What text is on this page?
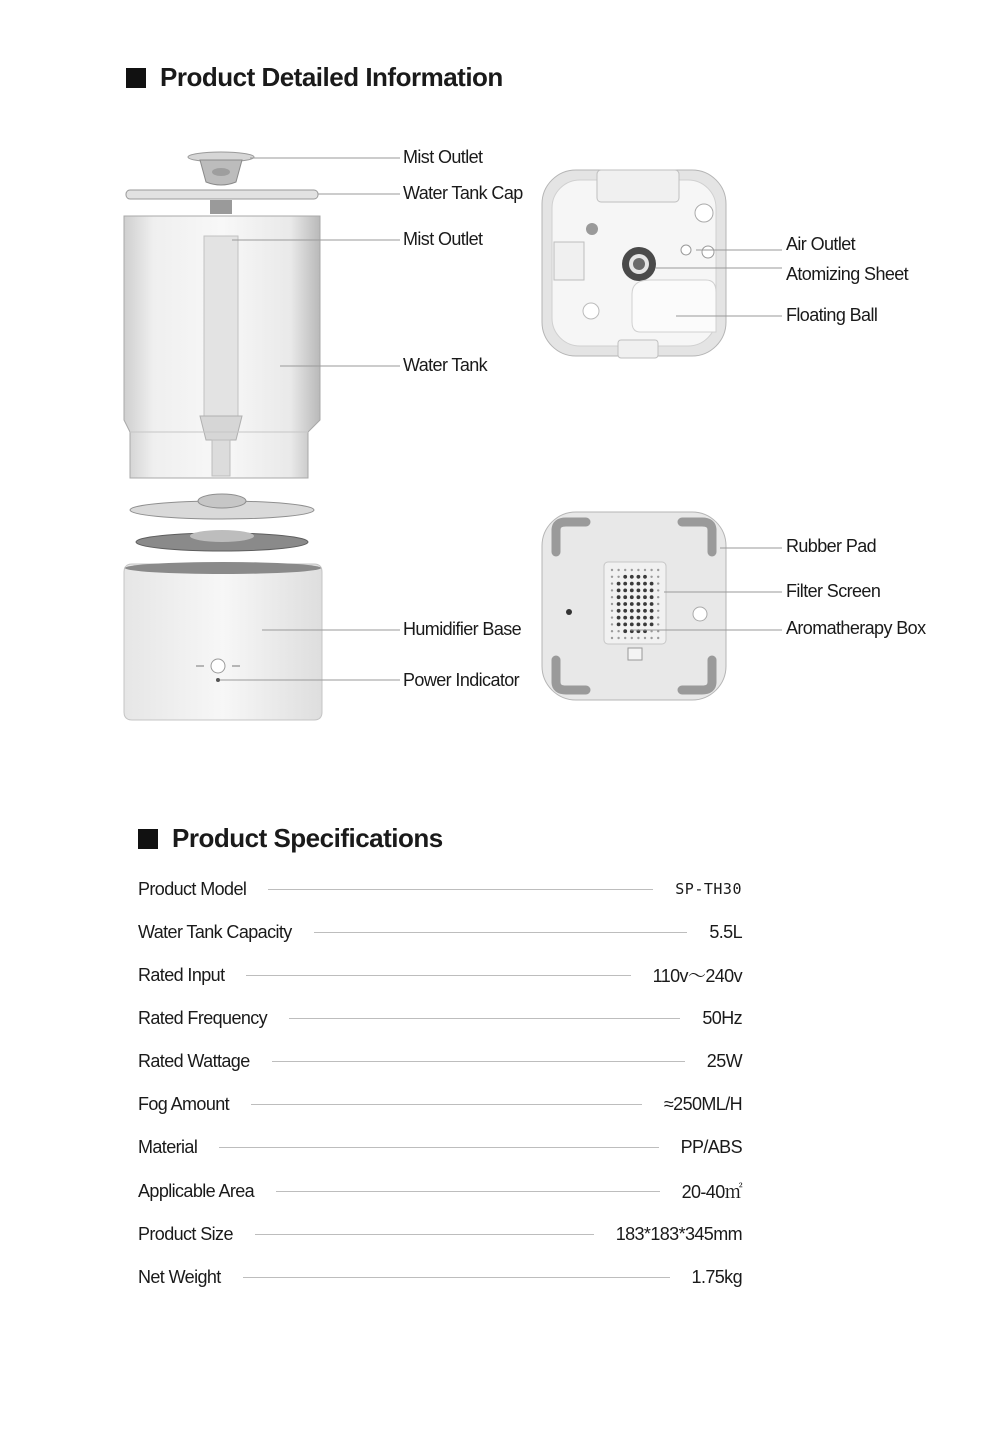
Product Detailed Information
Mist Outlet
Water Tank Cap
Mist Outlet
Water Tank
Humidifier Base
Power Indicator
Air Outlet
Atomizing Sheet
Floating Ball
Rubber Pad
Filter Screen
Aromatherapy Box
Product Specifications
Product Model	SP-TH30
Water Tank Capacity	5.5L
Rated Input	110v～240v
Rated Frequency	50Hz
Rated Wattage	25W
Fog Amount	≈250ML/H
Material	PP/ABS
Applicable Area	20-40㎡
Product Size	183*183*345mm
Net Weight	1.75kg
